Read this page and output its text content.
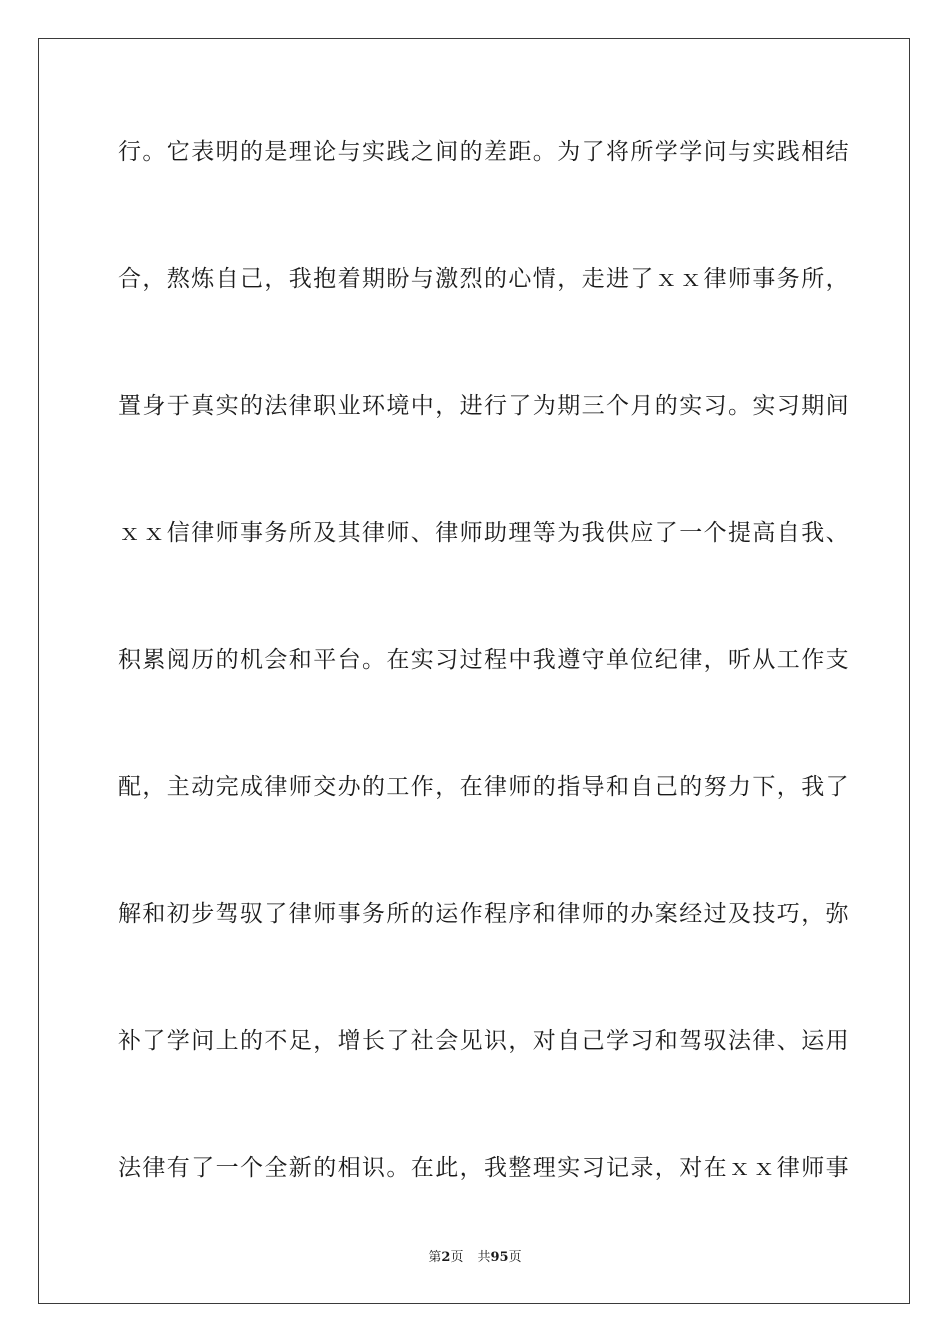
行。它表明的是理论与实践之间的差距。为了将所学学问与实践相结
合，熬炼自己，我抱着期盼与激烈的心情，走进了ｘｘ律师事务所，
置身于真实的法律职业环境中，进行了为期三个月的实习。实习期间
ｘｘ信律师事务所及其律师、律师助理等为我供应了一个提高自我、
积累阅历的机会和平台。在实习过程中我遵守单位纪律，听从工作支
配，主动完成律师交办的工作，在律师的指导和自己的努力下，我了
解和初步驾驭了律师事务所的运作程序和律师的办案经过及技巧，弥
补了学问上的不足，增长了社会见识，对自己学习和驾驭法律、运用
法律有了一个全新的相识。在此，我整理实习记录，对在ｘｘ律师事
第2页 共95页
